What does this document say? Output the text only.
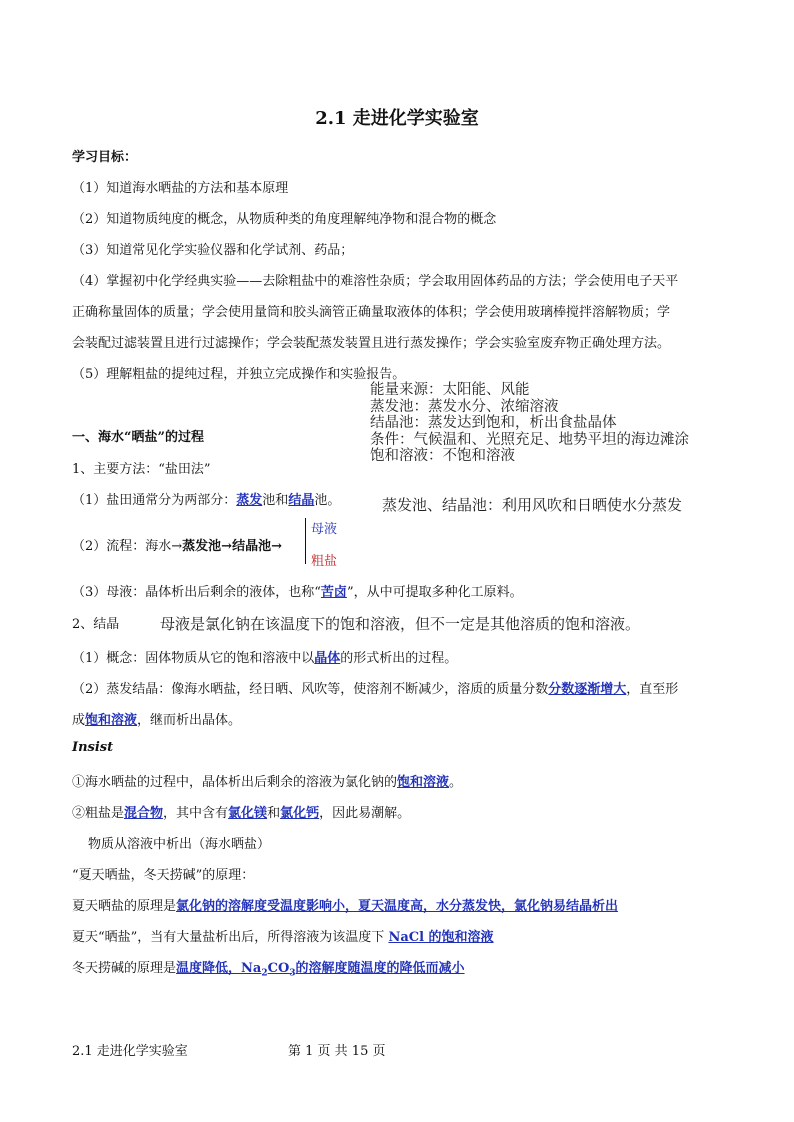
2.1 走进化学实验室
学习目标：
（1）知道海水晒盐的方法和基本原理
（2）知道物质纯度的概念，从物质种类的角度理解纯净物和混合物的概念
（3）知道常见化学实验仪器和化学试剂、药品；
（4）掌握初中化学经典实验——去除粗盐中的难溶性杂质；学会取用固体药品的方法；学会使用电子天平
正确称量固体的质量；学会使用量筒和胶头滴管正确量取液体的体积；学会使用玻璃棒搅拌溶解物质；学
会装配过滤装置且进行过滤操作；学会装配蒸发装置且进行蒸发操作；学会实验室废弃物正确处理方法。
（5）理解粗盐的提纯过程，并独立完成操作和实验报告。
能量来源：太阳能、风能
蒸发池：蒸发水分、浓缩溶液
结晶池：蒸发达到饱和，析出食盐晶体
条件：气候温和、光照充足、地势平坦的海边滩涂
饱和溶液：不饱和溶液
一、海水“晒盐”的过程
1、主要方法：“盐田法”
（1）盐田通常分为两部分：蒸发池和结晶池。	蒸发池、结晶池：利用风吹和日晒使水分蒸发
（2）流程：海水→蒸发池→结晶池→
母液
粗盐
（3）母液：晶体析出后剩余的液体，也称“苦卤”，从中可提取多种化工原料。
2、结晶	母液是氯化钠在该温度下的饱和溶液，但不一定是其他溶质的饱和溶液。
（1）概念：固体物质从它的饱和溶液中以晶体的形式析出的过程。
（2）蒸发结晶：像海水晒盐，经日晒、风吹等，使溶剂不断减少，溶质的质量分数分数逐渐增大，直至形
成饱和溶液，继而析出晶体。
Insist
①海水晒盐的过程中，晶体析出后剩余的溶液为氯化钠的饱和溶液。
②粗盐是混合物，其中含有氯化镁和氯化钙，因此易潮解。
物质从溶液中析出（海水晒盐）
“夏天晒盐，冬天捞碱”的原理：
夏天晒盐的原理是氯化钠的溶解度受温度影响小，夏天温度高，水分蒸发快，氯化钠易结晶析出
夏天“晒盐”，当有大量盐析出后，所得溶液为该温度下 NaCl 的饱和溶液
冬天捞碱的原理是温度降低，$Na_2CO_3$的溶解度随温度的降低而减小
2.1 走进化学实验室	第 1 页 共 15 页
